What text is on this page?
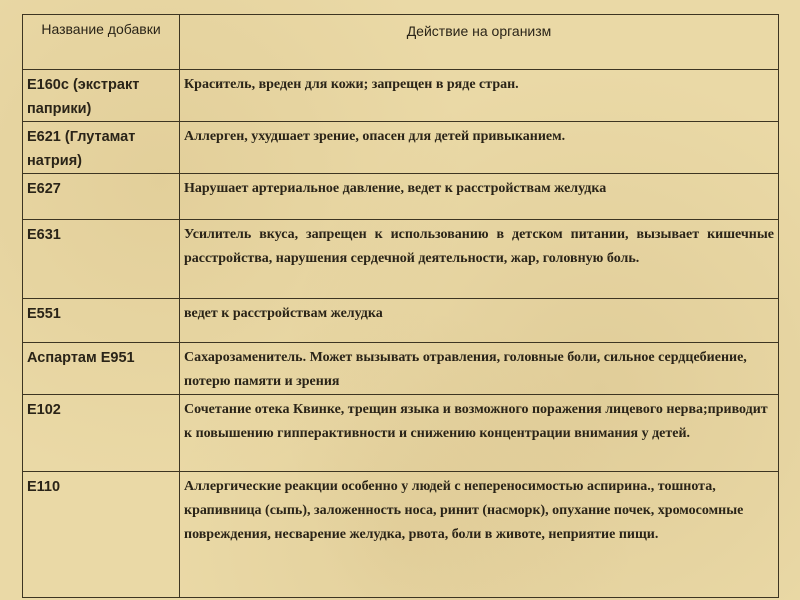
Название добавки	Действие на организм
E160c (экстракт паприки)	Краситель, вреден для кожи; запрещен в ряде стран.
E621 (Глутамат натрия)	Аллерген, ухудшает зрение, опасен для детей привыканием.
E627	Нарушает артериальное давление, ведет к расстройствам желудка
E631	Усилитель вкуса, запрещен к использованию в детском питании, вызывает кишечные расстройства, нарушения сердечной деятельности, жар, головную боль.
E551	ведет к расстройствам желудка
Аспартам E951	Сахарозаменитель. Может вызывать отравления, головные боли, сильное сердцебиение, потерю памяти и зрения
E102	Сочетание отека Квинке, трещин языка и возможного поражения лицевого нерва;приводит к повышению гипперактивности и снижению концентрации внимания у детей.
E110	Аллергические реакции особенно у людей с непереносимостью аспирина., тошнота, крапивница (сыпь), заложенность носа, ринит (насморк), опухание почек, хромосомные повреждения, несварение желудка, рвота, боли в животе, неприятие пищи.
